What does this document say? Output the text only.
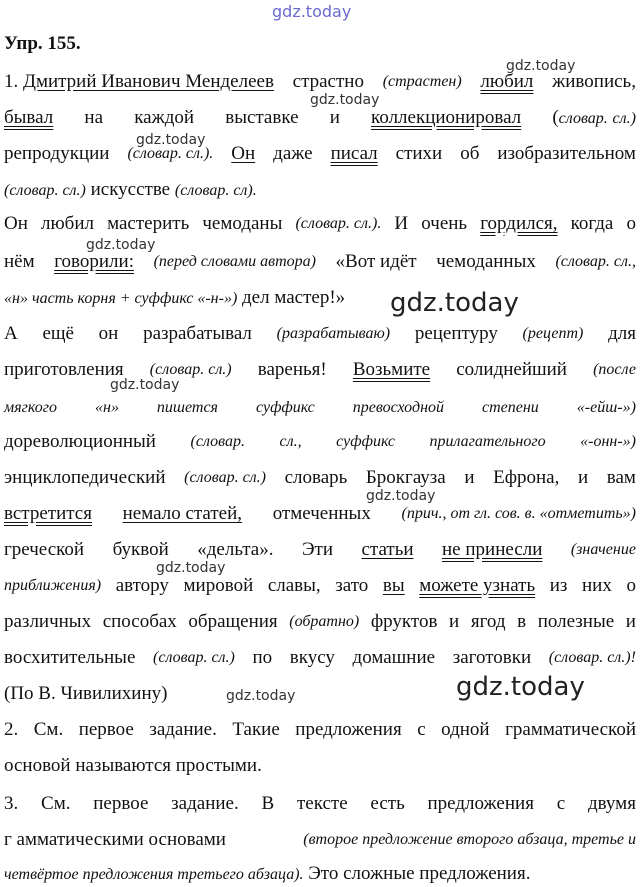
gdz.today
gdz.today
gdz.today
gdz.today
gdz.today
gdz.today
gdz.today
gdz.today
gdz.today
gdz.today
gdz.today
Упр. 155.
1. Дмитрий Иванович Менделеев страстно (страстен) любил живопись,
бывал на каждой выставке и коллекционировал (словар. сл.)
репродукции (словар. сл.). Он даже писал стихи об изобразительном
(словар. сл.) искусстве (словар. сл).
Он любил мастерить чемоданы (словар. сл.). И очень гордился, когда о
нём говорили: (перед словами автора) «Вот идёт чемоданных (словар. сл.,
«н» часть корня + суффикс «-н-») дел мастер!»
А ещё он разрабатывал (разрабатываю) рецептуру (рецепт) для
приготовления (словар. сл.) варенья! Возьмите солиднейший (после
мягкого «н» пишется суффикс превосходной степени «-ейш-»)
дореволюционный (словар. сл., суффикс прилагательного «-онн-»)
энциклопедический (словар. сл.) словарь Брокгауза и Ефрона, и вам
встретится немало статей, отмеченных (прич., от гл. сов. в. «отметить»)
греческой буквой «дельта». Эти статьи не принесли (значение
приближения) автору мировой славы, зато вы можете узнать из них о
различных способах обращения (обратно) фруктов и ягод в полезные и
восхитительные (словар. сл.) по вкусу домашние заготовки (словар. сл.)!
(По В. Чивилихину)
2. См. первое задание. Такие предложения с одной грамматической
основой называются простыми.
3. См. первое задание. В тексте есть предложения с двумя
г амматическими основами	(второе предложение второго абзаца, третье и
четвёртое предложения третьего абзаца). Это сложные предложения.
